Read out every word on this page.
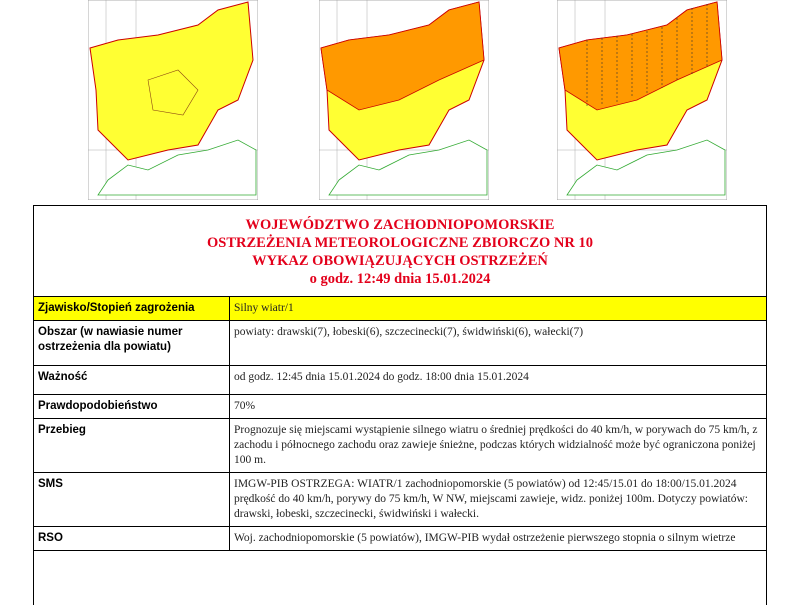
WOJEWÓDZTWO ZACHODNIOPOMORSKIE
OSTRZEŻENIA METEOROLOGICZNE ZBIORCZO NR 10
WYKAZ OBOWIĄZUJĄCYCH OSTRZEŻEŃ
o godz. 12:49 dnia 15.01.2024
Zjawisko/Stopień zagrożenia	Silny wiatr/1
Obszar (w nawiasie numer ostrzeżenia dla powiatu)	powiaty: drawski(7), łobeski(6), szczecinecki(7), świdwiński(6), wałecki(7)
Ważność	od godz. 12:45 dnia 15.01.2024 do godz. 18:00 dnia 15.01.2024
Prawdopodobieństwo	70%
Przebieg	Prognozuje się miejscami wystąpienie silnego wiatru o średniej prędkości do 40 km/h, w porywach do 75 km/h, z zachodu i północnego zachodu oraz zawieje śnieżne, podczas których widzialność może być ograniczona poniżej 100 m.
SMS	IMGW-PIB OSTRZEGA: WIATR/1 zachodniopomorskie (5 powiatów) od 12:45/15.01 do 18:00/15.01.2024 prędkość do 40 km/h, porywy do 75 km/h, W NW, miejscami zawieje, widz. poniżej 100m. Dotyczy powiatów: drawski, łobeski, szczecinecki, świdwiński i wałecki.
RSO	Woj. zachodniopomorskie (5 powiatów), IMGW-PIB wydał ostrzeżenie pierwszego stopnia o silnym wietrze
